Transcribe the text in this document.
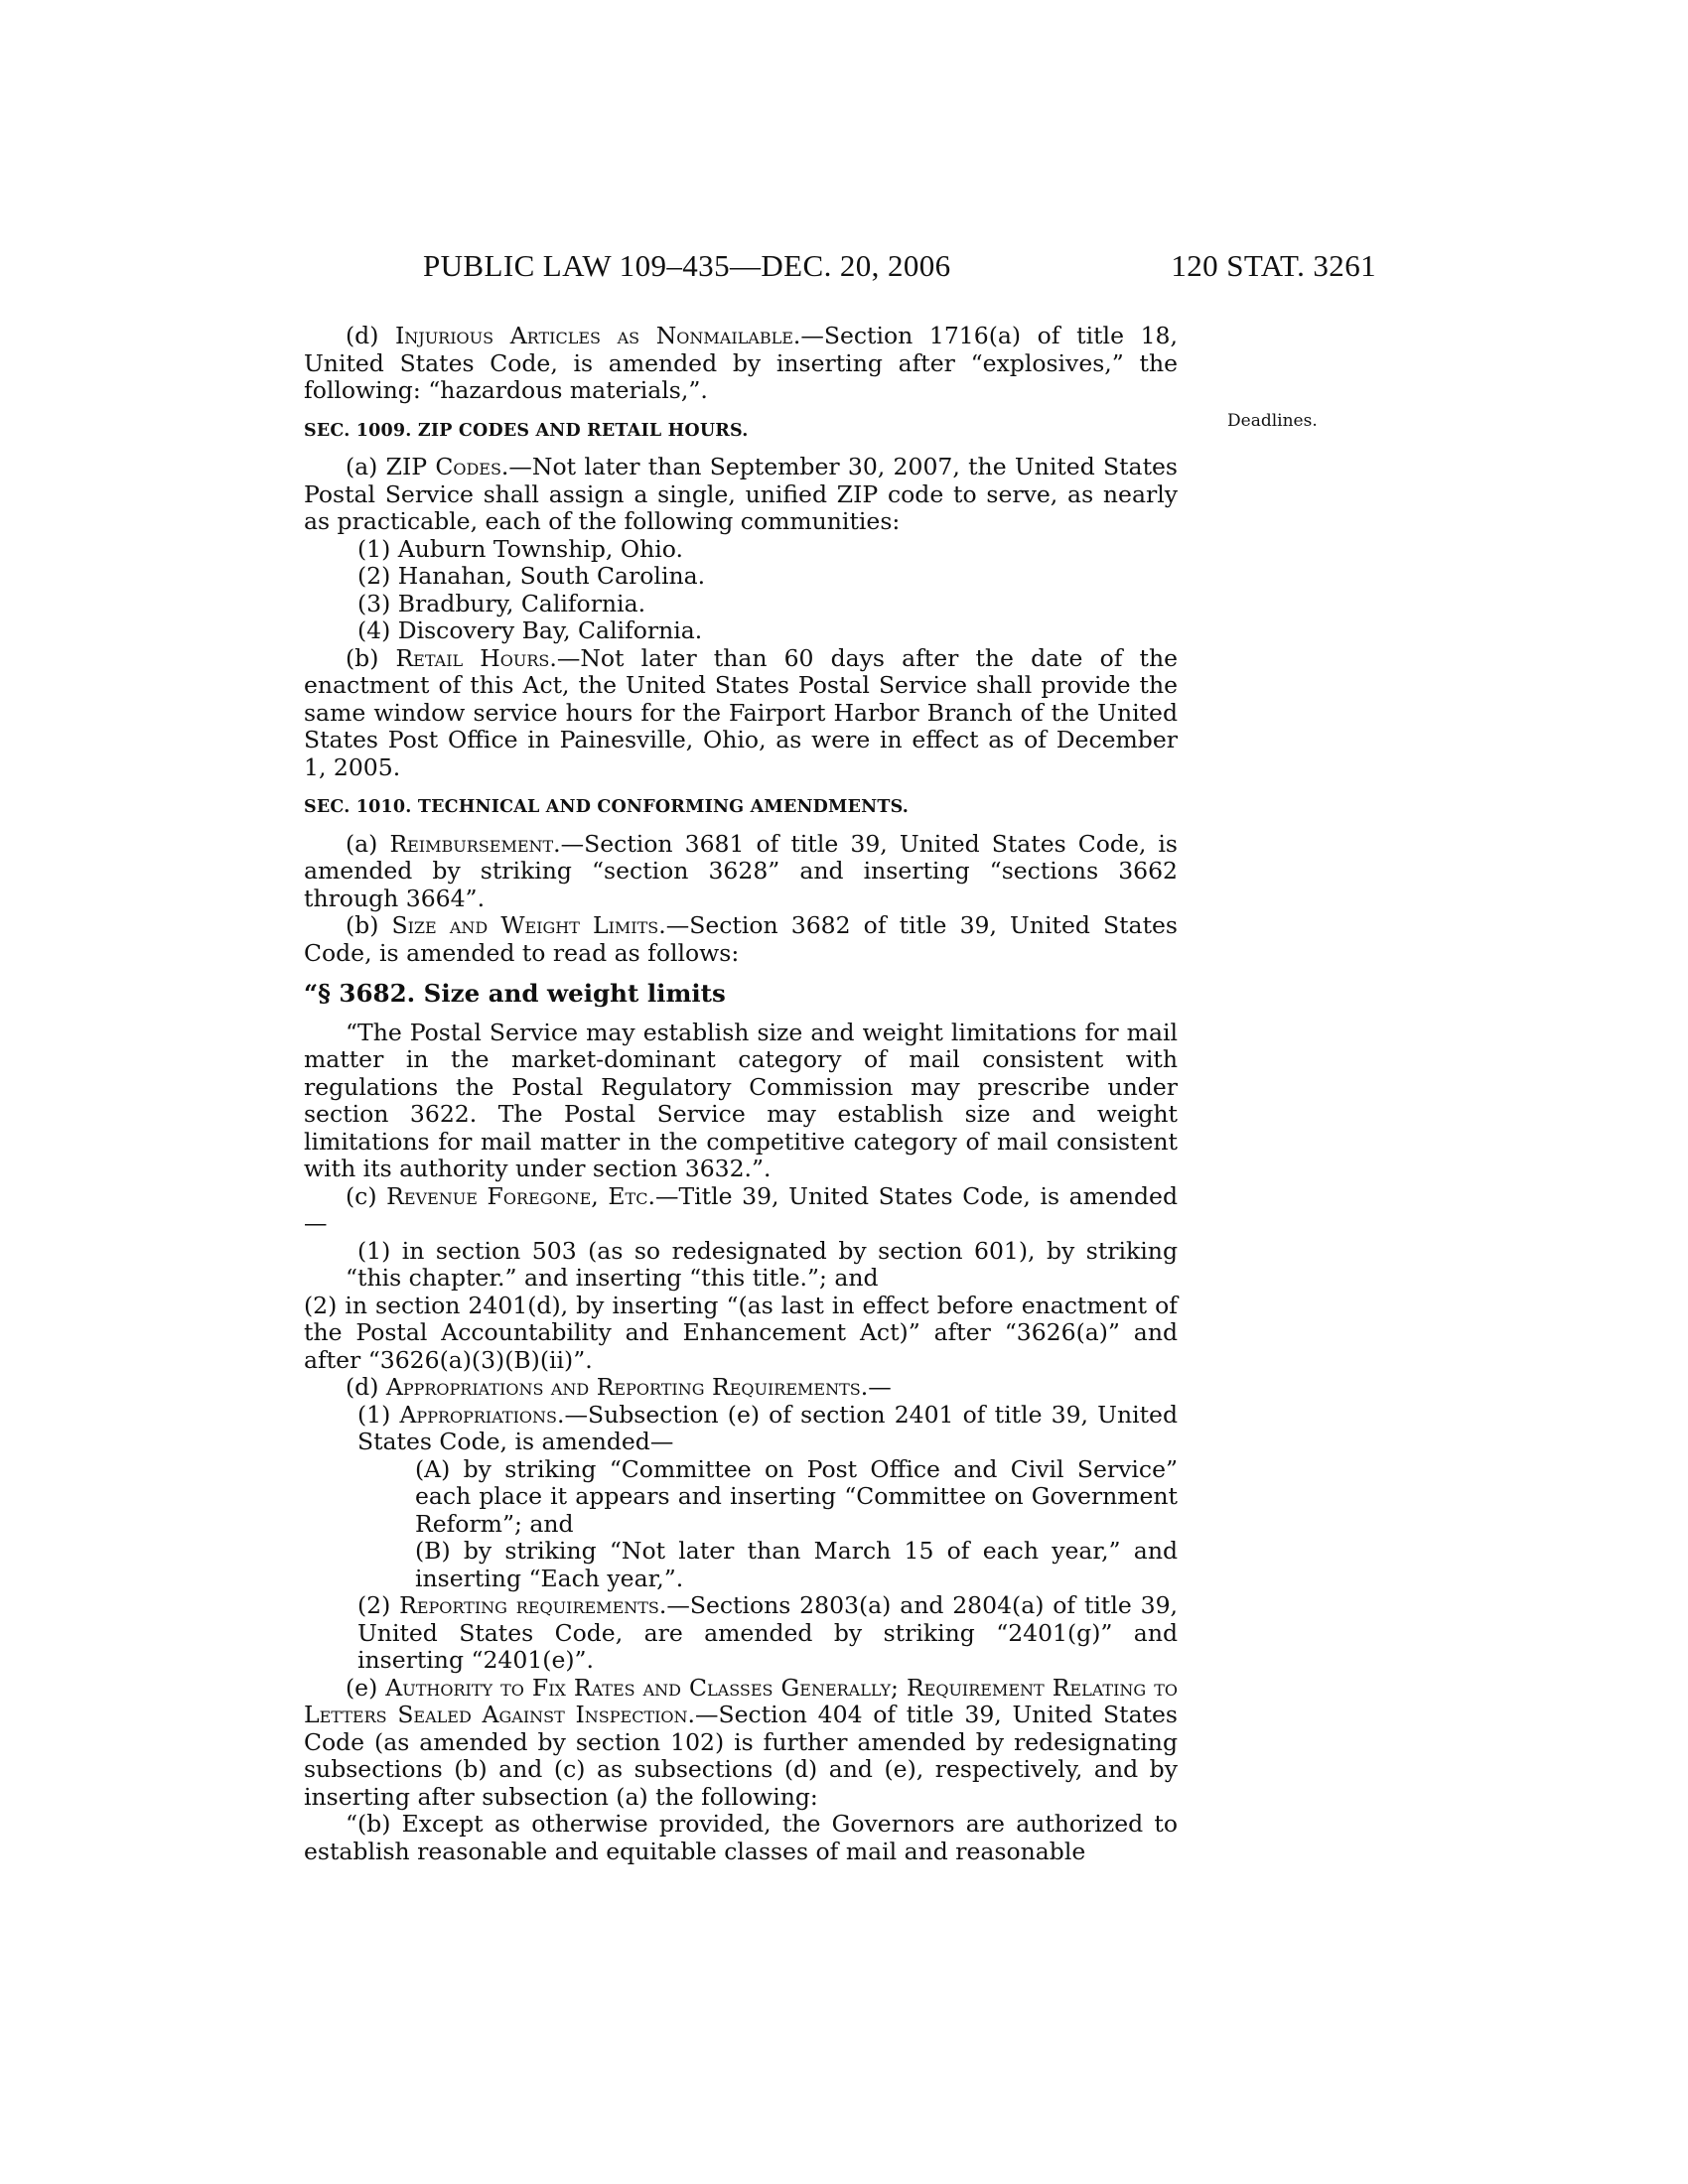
PUBLIC LAW 109–435—DEC. 20, 2006	120 STAT. 3261
Deadlines.

(d) Injurious Articles as Nonmailable.—Section 1716(a) of title 18, United States Code, is amended by inserting after “explosives,” the following: “hazardous materials,”.

SEC. 1009. ZIP CODES AND RETAIL HOURS.

(a) ZIP Codes.—Not later than September 30, 2007, the United States Postal Service shall assign a single, unified ZIP code to serve, as nearly as practicable, each of the following communities:

(1) Auburn Township, Ohio.

(2) Hanahan, South Carolina.

(3) Bradbury, California.

(4) Discovery Bay, California.

(b) Retail Hours.—Not later than 60 days after the date of the enactment of this Act, the United States Postal Service shall provide the same window service hours for the Fairport Harbor Branch of the United States Post Office in Painesville, Ohio, as were in effect as of December 1, 2005.

SEC. 1010. TECHNICAL AND CONFORMING AMENDMENTS.

(a) Reimbursement.—Section 3681 of title 39, United States Code, is amended by striking “section 3628” and inserting “sections 3662 through 3664”.

(b) Size and Weight Limits.—Section 3682 of title 39, United States Code, is amended to read as follows:

“§ 3682. Size and weight limits

“The Postal Service may establish size and weight limitations for mail matter in the market-dominant category of mail consistent with regulations the Postal Regulatory Commission may prescribe under section 3622. The Postal Service may establish size and weight limitations for mail matter in the competitive category of mail consistent with its authority under section 3632.”.

(c) Revenue Foregone, Etc.—Title 39, United States Code, is amended—

(1) in section 503 (as so redesignated by section 601), by striking “this chapter.” and inserting “this title.”; and

(2) in section 2401(d), by inserting “(as last in effect before enactment of the Postal Accountability and Enhancement Act)” after “3626(a)” and after “3626(a)(3)(B)(ii)”.

(d) Appropriations and Reporting Requirements.—

(1) Appropriations.—Subsection (e) of section 2401 of title 39, United States Code, is amended—

(A) by striking “Committee on Post Office and Civil Service” each place it appears and inserting “Committee on Government Reform”; and

(B) by striking “Not later than March 15 of each year,” and inserting “Each year,”.

(2) Reporting requirements.—Sections 2803(a) and 2804(a) of title 39, United States Code, are amended by striking “2401(g)” and inserting “2401(e)”.

(e) Authority to Fix Rates and Classes Generally; Requirement Relating to Letters Sealed Against Inspection.—Section 404 of title 39, United States Code (as amended by section 102) is further amended by redesignating subsections (b) and (c) as subsections (d) and (e), respectively, and by inserting after subsection (a) the following:

“(b) Except as otherwise provided, the Governors are authorized to establish reasonable and equitable classes of mail and reasonable
